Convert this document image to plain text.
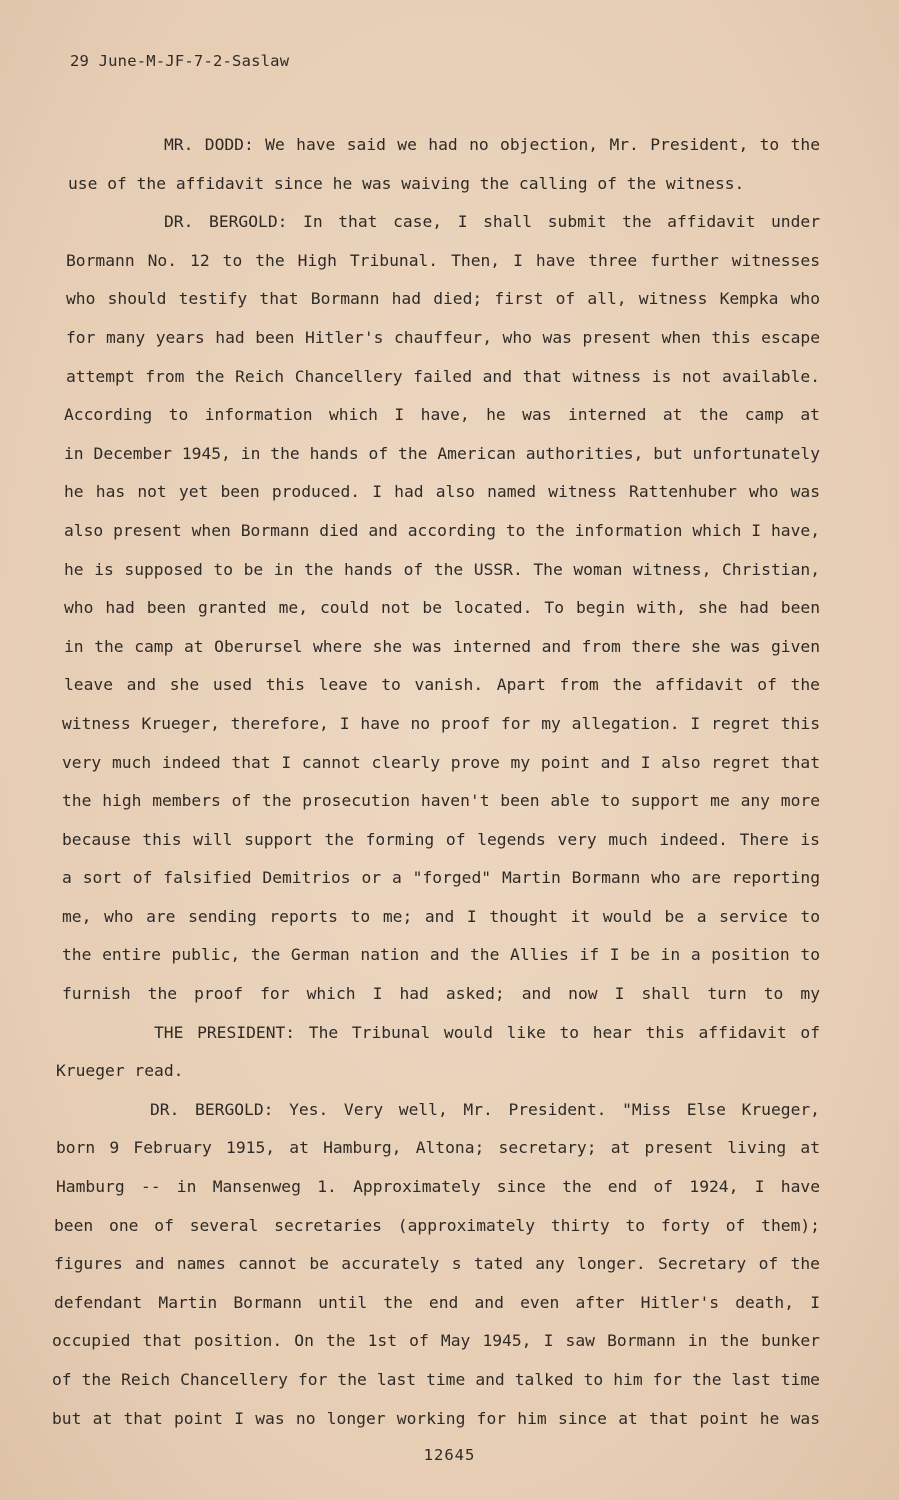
29 June-M-JF-7-2-Saslaw
MR. DODD: We have said we had no objection, Mr. President, to the
use of the affidavit since he was waiving the calling of the witness.
DR. BERGOLD: In that case, I shall submit the affidavit under
Bormann No. 12 to the High Tribunal. Then, I have three further witnesses
who should testify that Bormann had died; first of all, witness Kempka who
for many years had been Hitler's chauffeur, who was present when this escape
attempt from the Reich Chancellery failed and that witness is not available.
According to information which I have, he was interned at the camp at
in December 1945, in the hands of the American authorities, but unfortunately
he has not yet been produced. I had also named witness Rattenhuber who was
also present when Bormann died and according to the information which I have,
he is supposed to be in the hands of the USSR. The woman witness, Christian,
who had been granted me, could not be located. To begin with, she had been
in the camp at Oberursel where she was interned and from there she was given
leave and she used this leave to vanish. Apart from the affidavit of the
witness Krueger, therefore, I have no proof for my allegation. I regret this
very much indeed that I cannot clearly prove my point and I also regret that
the high members of the prosecution haven't been able to support me any more
because this will support the forming of legends very much indeed. There is
a sort of falsified Demitrios or a "forged" Martin Bormann who are reporting
me, who are sending reports to me; and I thought it would be a service to
the entire public, the German nation and the Allies if I be in a position to
furnish the proof for which I had asked; and now I shall turn to my
THE PRESIDENT: The Tribunal would like to hear this affidavit of
Krueger read.
DR. BERGOLD: Yes. Very well, Mr. President. "Miss Else Krueger,
born 9 February 1915, at Hamburg, Altona; secretary; at present living at
Hamburg -- in Mansenweg 1. Approximately since the end of 1924, I have
been one of several secretaries (approximately thirty to forty of them);
figures and names cannot be accurately s tated any longer. Secretary of the
defendant Martin Bormann until the end and even after Hitler's death, I
occupied that position. On the 1st of May 1945, I saw Bormann in the bunker
of the Reich Chancellery for the last time and talked to him for the last time
but at that point I was no longer working for him since at that point he was
12645
